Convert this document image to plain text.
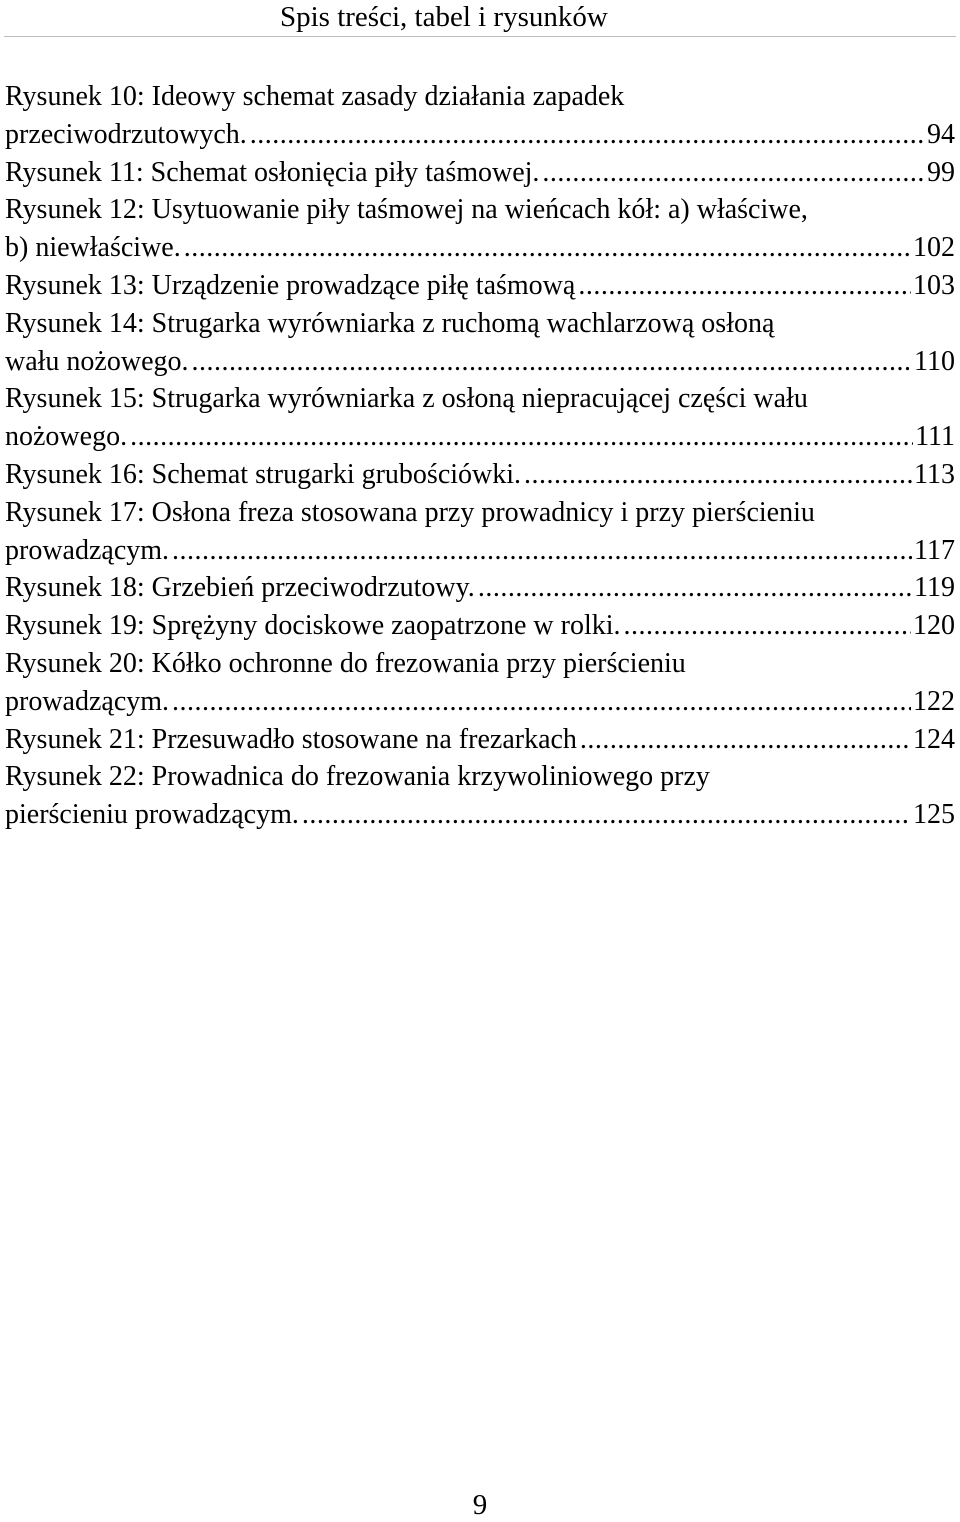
Spis treści, tabel i rysunków
Rysunek 10: Ideowy schemat zasady działania zapadek
przeciwodrzutowych. .....	94
Rysunek 11: Schemat osłonięcia piły taśmowej. .....	99
Rysunek 12: Usytuowanie piły taśmowej na wieńcach kół: a) właściwe,
b) niewłaściwe. .....	102
Rysunek 13: Urządzenie prowadzące piłę taśmową .....	103
Rysunek 14: Strugarka wyrówniarka z ruchomą wachlarzową osłoną
wału nożowego. .....	110
Rysunek 15: Strugarka wyrówniarka z osłoną niepracującej części wału
nożowego. .....	111
Rysunek 16: Schemat strugarki grubościówki. .....	113
Rysunek 17: Osłona freza stosowana przy prowadnicy i przy pierścieniu
prowadzącym. .....	117
Rysunek 18: Grzebień przeciwodrzutowy. .....	119
Rysunek 19: Sprężyny dociskowe zaopatrzone w rolki. .....	120
Rysunek 20: Kółko ochronne do frezowania przy pierścieniu
prowadzącym. .....	122
Rysunek 21: Przesuwadło stosowane na frezarkach .....	124
Rysunek 22: Prowadnica do frezowania krzywoliniowego przy
pierścieniu prowadzącym. .....	125
9
